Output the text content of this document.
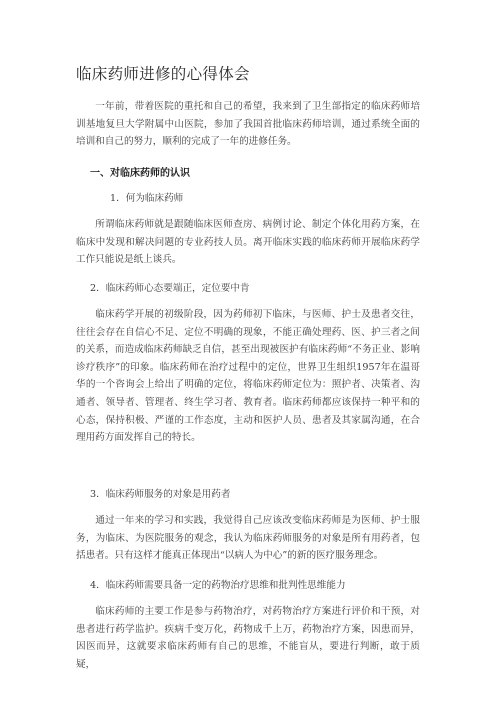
临床药师进修的心得体会

一年前，带着医院的重托和自己的希望，我来到了卫生部指定的临床药师培训基地复旦大学附属中山医院，参加了我国首批临床药师培训，通过系统全面的培训和自己的努力，顺利的完成了一年的进修任务。

一、对临床药师的认识

1．何为临床药师

所谓临床药师就是跟随临床医师查房、病例讨论、制定个体化用药方案，在临床中发现和解决问题的专业药技人员。离开临床实践的临床药师开展临床药学工作只能说是纸上谈兵。

2．临床药师心态要端正，定位要中肯

临床药学开展的初级阶段，因为药师初下临床，与医师、护士及患者交往，往往会存在自信心不足、定位不明确的现象，不能正确处理药、医、护三者之间的关系，而造成临床药师缺乏自信，甚至出现被医护有临床药师“不务正业、影响诊疗秩序”的印象。临床药师在治疗过程中的定位，世界卫生组织1957年在温哥华的一个咨询会上给出了明确的定位，将临床药师定位为：照护者、决策者、沟通者、领导者、管理者、终生学习者、教育者。临床药师都应该保持一种平和的心态，保持积极、严谨的工作态度，主动和医护人员、患者及其家属沟通，在合理用药方面发挥自己的特长。

3．临床药师服务的对象是用药者

通过一年来的学习和实践，我觉得自己应该改变临床药师是为医师、护士服务，为临床、为医院服务的观念，我认为临床药师服务的对象是所有用药者，包括患者。只有这样才能真正体现出“以病人为中心”的新的医疗服务理念。

4．临床药师需要具备一定的药物治疗思维和批判性思维能力

临床药师的主要工作是参与药物治疗，对药物治疗方案进行评价和干预，对患者进行药学监护。疾病千变万化，药物成千上万，药物治疗方案，因患而异，因医而异，这就要求临床药师有自己的思维，不能盲从，要进行判断，敢于质疑，
